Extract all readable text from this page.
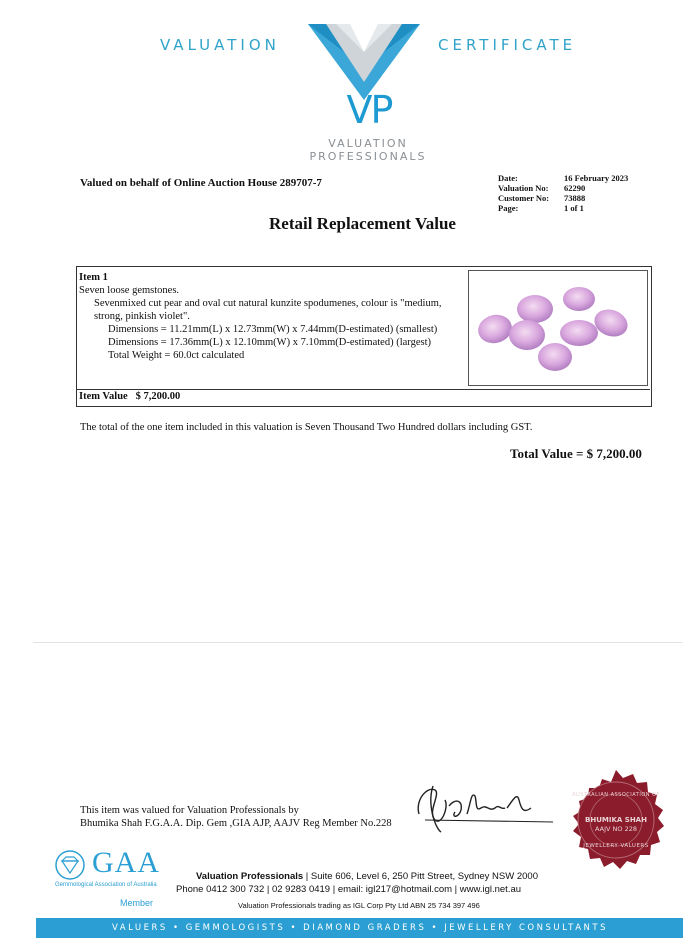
VALUATION	CERTIFICATE
VP
VALUATION
PROFESSIONALS
Valued on behalf of Online Auction House 289707-7	Date:	16 February 2023
Valuation No:	62290
Customer No:	73888
Page:	1 of 1
Retail Replacement Value
Item 1
Seven loose gemstones.
Sevenmixed cut pear and oval cut natural kunzite spodumenes, colour is "medium,
strong, pinkish violet".
Dimensions = 11.21mm(L) x 12.73mm(W) x 7.44mm(D-estimated) (smallest)
Dimensions = 17.36mm(L) x 12.10mm(W) x 7.10mm(D-estimated) (largest)
Total Weight = 60.0ct calculated
Item Value $ 7,200.00
The total of the one item included in this valuation is Seven Thousand Two Hundred dollars including GST.
Total Value = $ 7,200.00
This item was valued for Valuation Professionals by
Bhumika Shah F.G.A.A. Dip. Gem ,GIA AJP, AAJV Reg Member No.228
AUSTRALIAN ASSOCIATION OF
BHUMIKA SHAH
AAJV NO 228
JEWELLERY VALUERS
GAA
Gemmological Association of Australia
Member
Valuation Professionals | Suite 606, Level 6, 250 Pitt Street, Sydney NSW 2000
Phone 0412 300 732 | 02 9283 0419 | email: igl217@hotmail.com | www.igl.net.au
Valuation Professionals trading as IGL Corp Pty Ltd ABN 25 734 397 496
VALUERS • GEMMOLOGISTS • DIAMOND GRADERS • JEWELLERY CONSULTANTS
